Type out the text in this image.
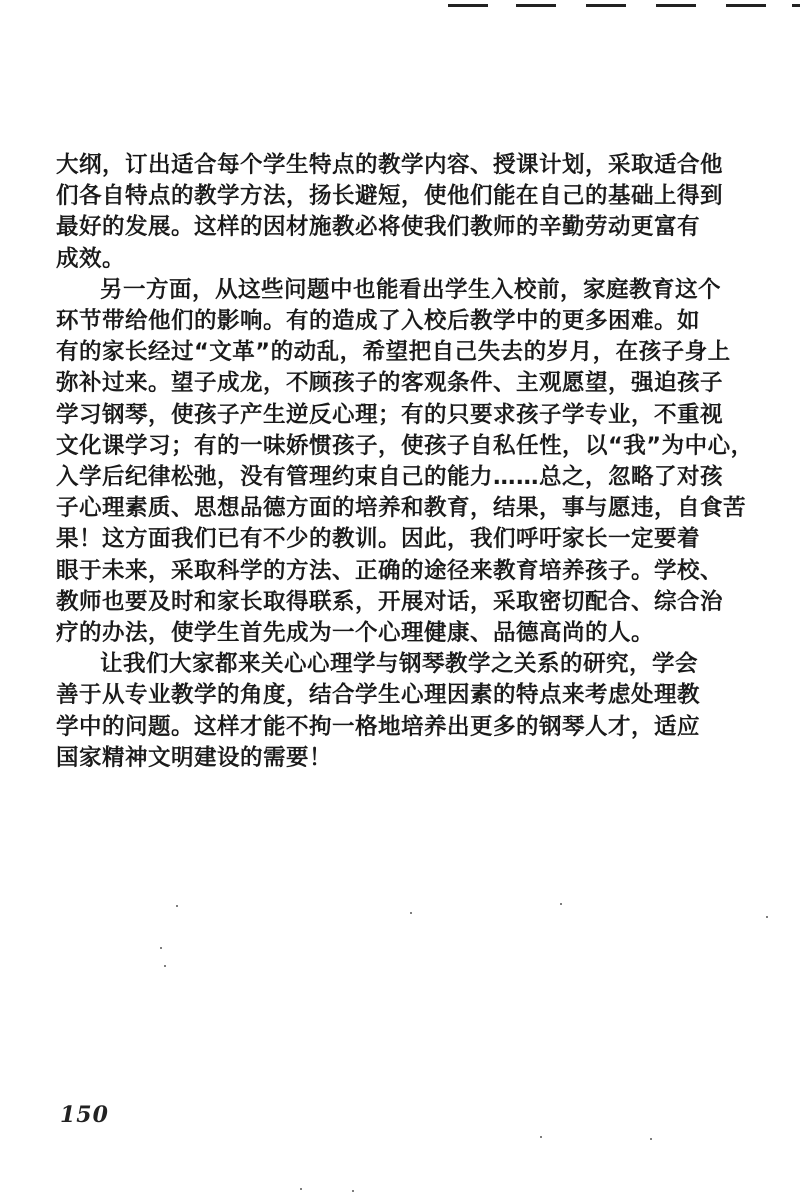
大纲，订出适合每个学生特点的教学内容、授课计划，采取适合他
们各自特点的教学方法，扬长避短，使他们能在自己的基础上得到
最好的发展。这样的因材施教必将使我们教师的辛勤劳动更富有
成效。
另一方面，从这些问题中也能看出学生入校前，家庭教育这个
环节带给他们的影响。有的造成了入校后教学中的更多困难。如
有的家长经过“文革”的动乱，希望把自己失去的岁月，在孩子身上
弥补过来。望子成龙，不顾孩子的客观条件、主观愿望，强迫孩子
学习钢琴，使孩子产生逆反心理；有的只要求孩子学专业，不重视
文化课学习；有的一味娇惯孩子，使孩子自私任性，以“我”为中心，
入学后纪律松弛，没有管理约束自己的能力……总之，忽略了对孩
子心理素质、思想品德方面的培养和教育，结果，事与愿违，自食苦
果！这方面我们已有不少的教训。因此，我们呼吁家长一定要着
眼于未来，采取科学的方法、正确的途径来教育培养孩子。学校、
教师也要及时和家长取得联系，开展对话，采取密切配合、综合治
疗的办法，使学生首先成为一个心理健康、品德高尚的人。
让我们大家都来关心心理学与钢琴教学之关系的研究，学会
善于从专业教学的角度，结合学生心理因素的特点来考虑处理教
学中的问题。这样才能不拘一格地培养出更多的钢琴人才，适应
国家精神文明建设的需要！
150
